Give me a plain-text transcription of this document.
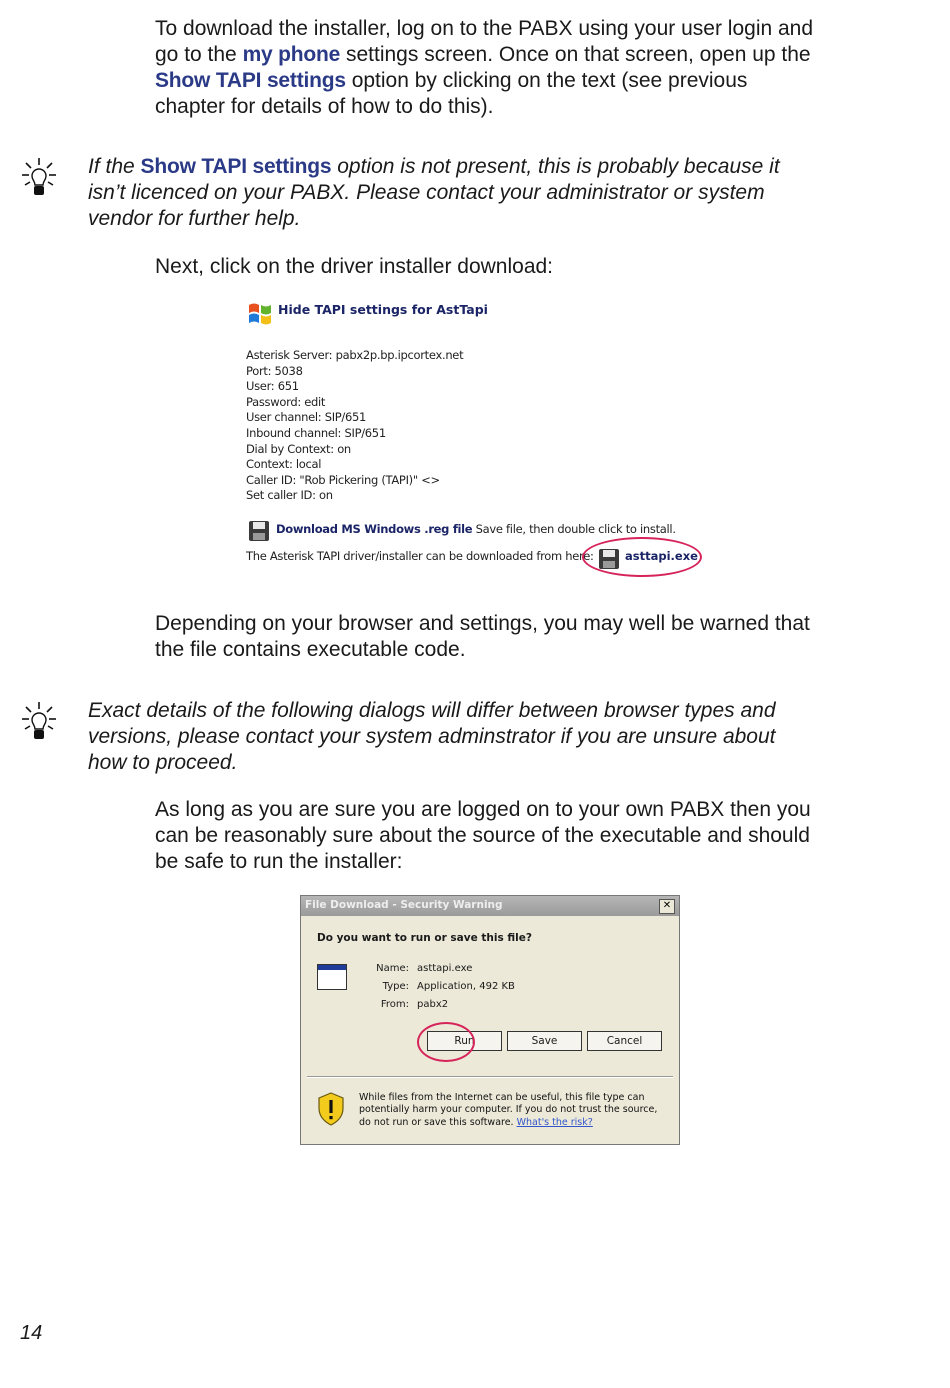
To download the installer, log on to the PABX using your user login and go to the my phone settings screen. Once on that screen, open up the Show TAPI settings option by clicking on the text (see previous chapter for details of how to do this).

If the Show TAPI settings option is not present, this is probably because it isn’t licenced on your PABX. Please contact your administrator or system vendor for further help.

Next, click on the driver installer download:

Hide TAPI settings for AstTapi
Asterisk Server: pabx2p.bp.ipcortex.net
Port: 5038
User: 651
Password: edit
User channel: SIP/651
Inbound channel: SIP/651
Dial by Context: on
Context: local
Caller ID: "Rob Pickering (TAPI)" <>
Set caller ID: on
Download MS Windows .reg file Save file, then double click to install.
The Asterisk TAPI driver/installer can be downloaded from here:	asttapi.exe

Depending on your browser and settings, you may well be warned that the file contains executable code.

Exact details of the following dialogs will differ between browser types and versions, please contact your system adminstrator if you are unsure about how to proceed.

As long as you are sure you are logged on to your own PABX then you can be reasonably sure about the source of the executable and should be safe to run the installer:

File Download - Security Warning	✕
Do you want to run or save this file?
Name: asttapi.exe
Type: Application, 492 KB
From: pabx2
Run	Save	Cancel
While files from the Internet can be useful, this file type can potentially harm your computer. If you do not trust the source, do not run or save this software. What's the risk?
14
